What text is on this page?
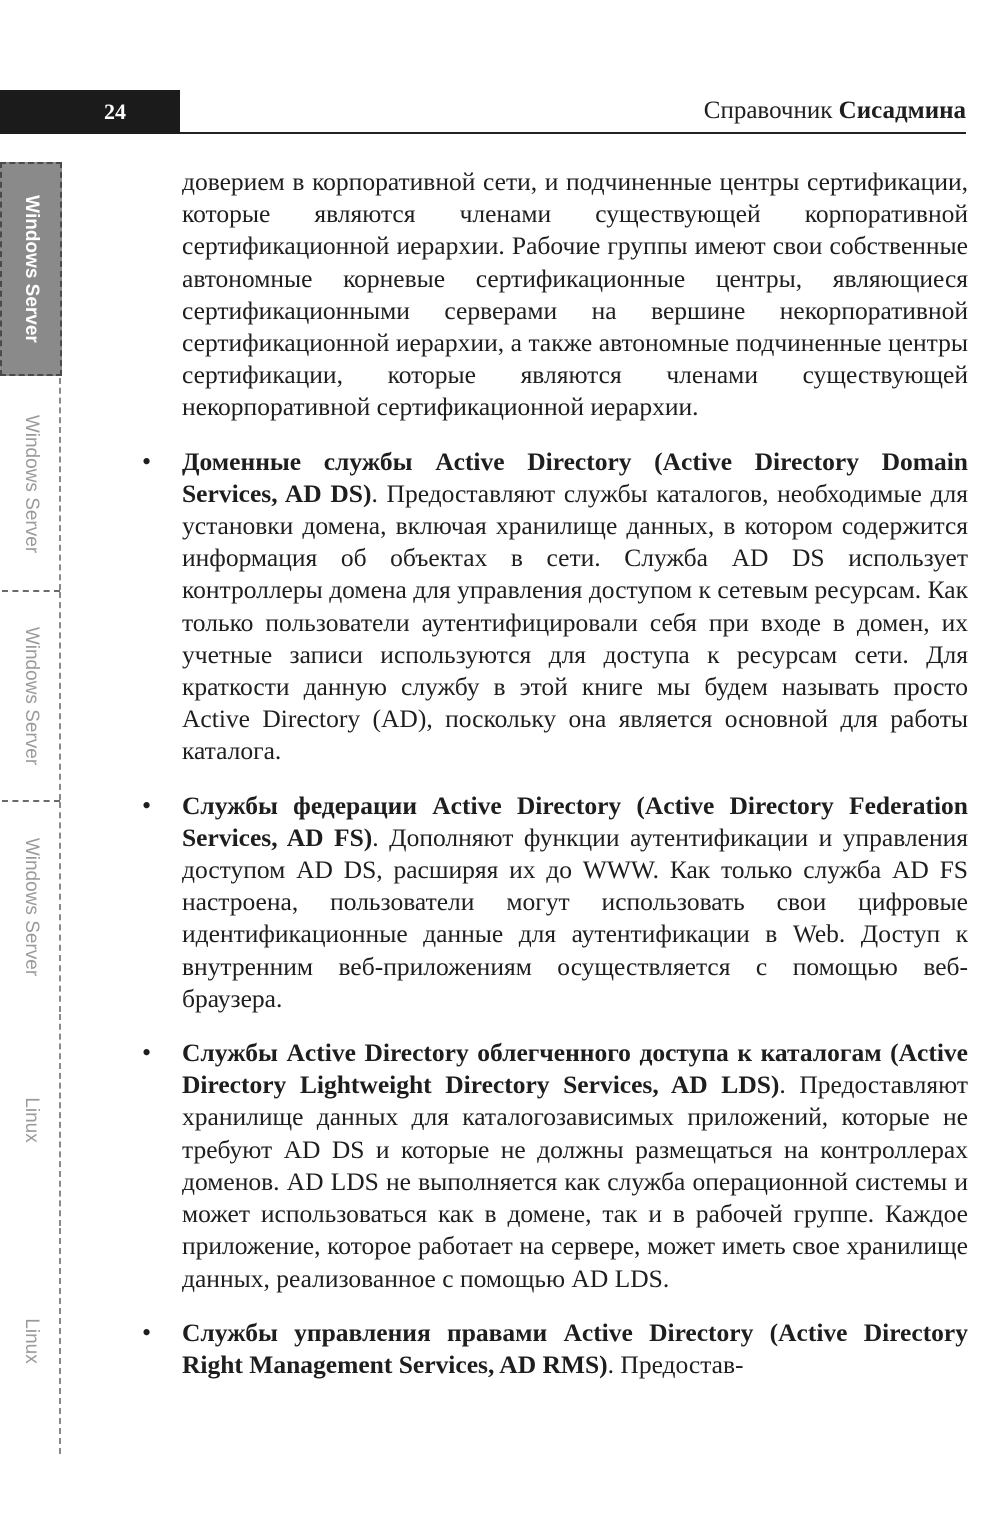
24	Справочник Сисадмина
Windows Server
Windows Server
Windows Server
Windows Server
Linux
Linux

доверием в корпоративной сети, и подчиненные центры сертификации, которые являются членами существующей корпоративной сертификационной иерархии. Рабочие группы имеют свои собственные автономные корневые сертификационные центры, являющиеся сертификационными серверами на вершине некорпоративной сертификационной иерархии, а также автономные подчиненные центры сертификации, которые являются членами существующей некорпоративной сертификационной иерархии.

• Доменные службы Active Directory (Active Directory Domain Services, AD DS). Предоставляют службы каталогов, необходимые для установки домена, включая хранилище данных, в котором содержится информация об объектах в сети. Служба AD DS использует контроллеры домена для управления доступом к сетевым ресурсам. Как только пользователи аутентифицировали себя при входе в домен, их учетные записи используются для доступа к ресурсам сети. Для краткости данную службу в этой книге мы будем называть просто Active Directory (AD), поскольку она является основной для работы каталога.
• Службы федерации Active Directory (Active Directory Federation Services, AD FS). Дополняют функции аутентификации и управления доступом AD DS, расширяя их до WWW. Как только служба AD FS настроена, пользователи могут использовать свои цифровые идентификационные данные для аутентификации в Web. Доступ к внутренним веб-приложениям осуществляется с помощью веб-браузера.
• Службы Active Directory облегченного доступа к каталогам (Active Directory Lightweight Directory Services, AD LDS). Предоставляют хранилище данных для каталогозависимых приложений, которые не требуют AD DS и которые не должны размещаться на контроллерах доменов. AD LDS не выполняется как служба операционной системы и может использоваться как в домене, так и в рабочей группе. Каждое приложение, которое работает на сервере, может иметь свое хранилище данных, реализованное с помощью AD LDS.
• Службы управления правами Active Directory (Active Directory Right Management Services, AD RMS). Предостав-
